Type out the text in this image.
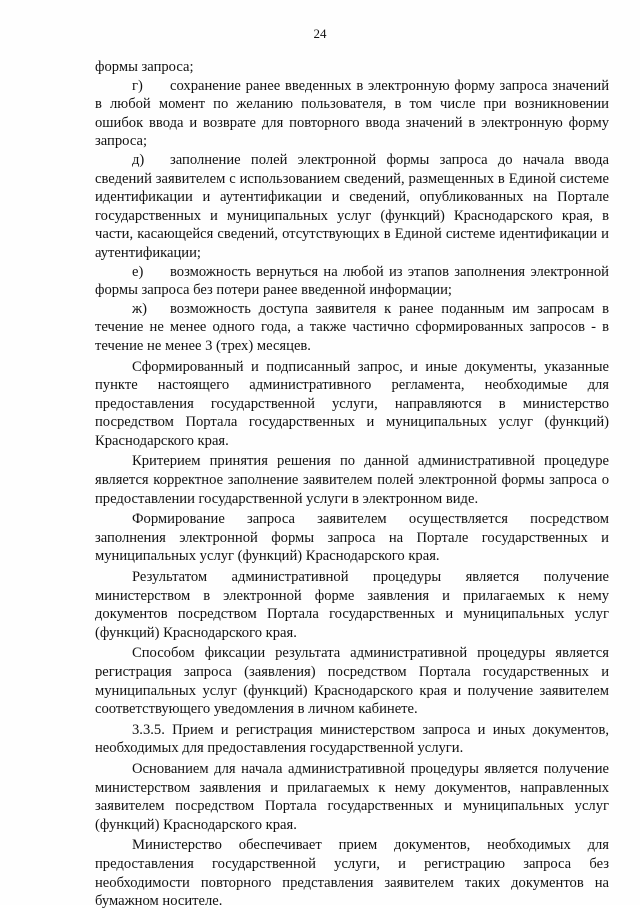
24

формы запроса;

г) сохранение ранее введенных в электронную форму запроса значений в любой момент по желанию пользователя, в том числе при возникновении ошибок ввода и возврате для повторного ввода значений в электронную форму запроса;

д) заполнение полей электронной формы запроса до начала ввода сведений заявителем с использованием сведений, размещенных в Единой системе идентификации и аутентификации и сведений, опубликованных на Портале государственных и муниципальных услуг (функций) Краснодарского края, в части, касающейся сведений, отсутствующих в Единой системе идентификации и аутентификации;

е) возможность вернуться на любой из этапов заполнения электронной формы запроса без потери ранее введенной информации;

ж) возможность доступа заявителя к ранее поданным им запросам в течение не менее одного года, а также частично сформированных запросов - в течение не менее 3 (трех) месяцев.

Сформированный и подписанный запрос, и иные документы, указанные пункте настоящего административного регламента, необходимые для предоставления государственной услуги, направляются в министерство посредством Портала государственных и муниципальных услуг (функций) Краснодарского края.

Критерием принятия решения по данной административной процедуре является корректное заполнение заявителем полей электронной формы запроса о предоставлении государственной услуги в электронном виде.

Формирование запроса заявителем осуществляется посредством заполнения электронной формы запроса на Портале государственных и муниципальных услуг (функций) Краснодарского края.

Результатом административной процедуры является получение министерством в электронной форме заявления и прилагаемых к нему документов посредством Портала государственных и муниципальных услуг (функций) Краснодарского края.

Способом фиксации результата административной процедуры является регистрация запроса (заявления) посредством Портала государственных и муниципальных услуг (функций) Краснодарского края и получение заявителем соответствующего уведомления в личном кабинете.

3.3.5. Прием и регистрация министерством запроса и иных документов, необходимых для предоставления государственной услуги.

Основанием для начала административной процедуры является получение министерством заявления и прилагаемых к нему документов, направленных заявителем посредством Портала государственных и муниципальных услуг (функций) Краснодарского края.

Министерство обеспечивает прием документов, необходимых для предоставления государственной услуги, и регистрацию запроса без необходимости повторного представления заявителем таких документов на бумажном носителе.
